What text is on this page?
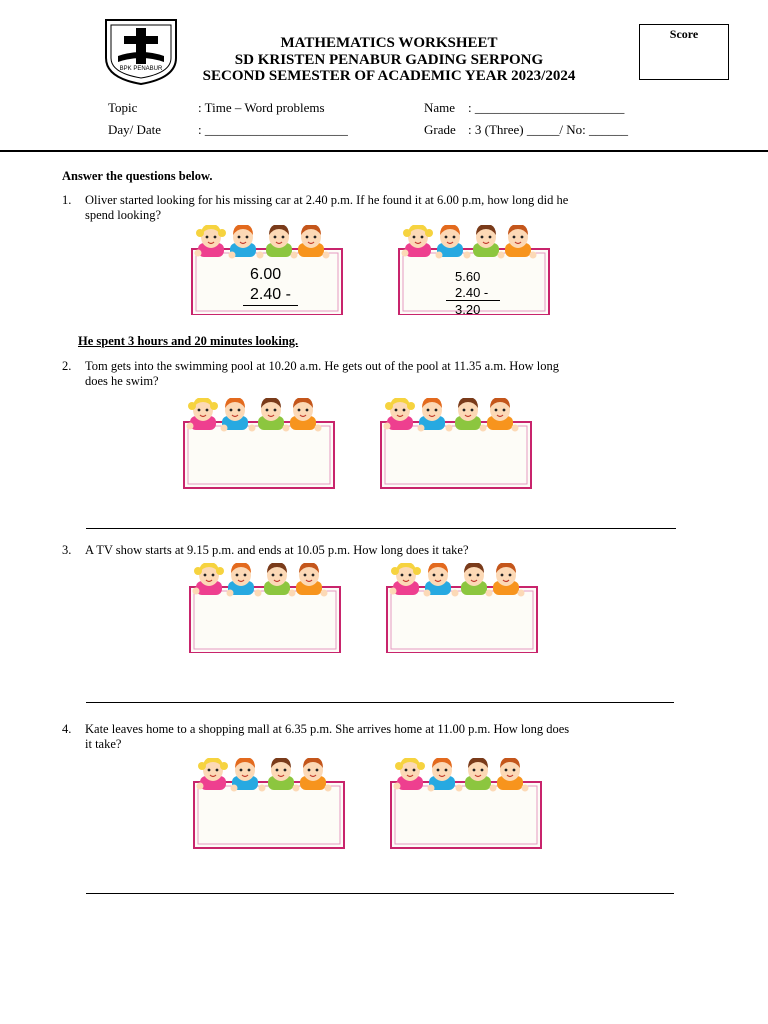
BPK PENABUR
MATHEMATICS WORKSHEET
SD KRISTEN PENABUR GADING SERPONG
SECOND SEMESTER OF ACADEMIC YEAR 2023/2024
Score
Topic	: Time – Word problems	Name : _______________________
Day/ Date	: ______________________	Grade : 3 (Three) _____/ No: ______
Answer the questions below.
1. Oliver started looking for his missing car at 2.40 p.m. If he found it at 6.00 p.m, how long did he
spend looking?
6.00
2.40 -
5.60
2.40 -
3.20
He spent 3 hours and 20 minutes looking.
2. Tom gets into the swimming pool at 10.20 a.m. He gets out of the pool at 11.35 a.m. How long
does he swim?
3. A TV show starts at 9.15 p.m. and ends at 10.05 p.m. How long does it take?
4. Kate leaves home to a shopping mall at 6.35 p.m. She arrives home at 11.00 p.m. How long does
it take?
